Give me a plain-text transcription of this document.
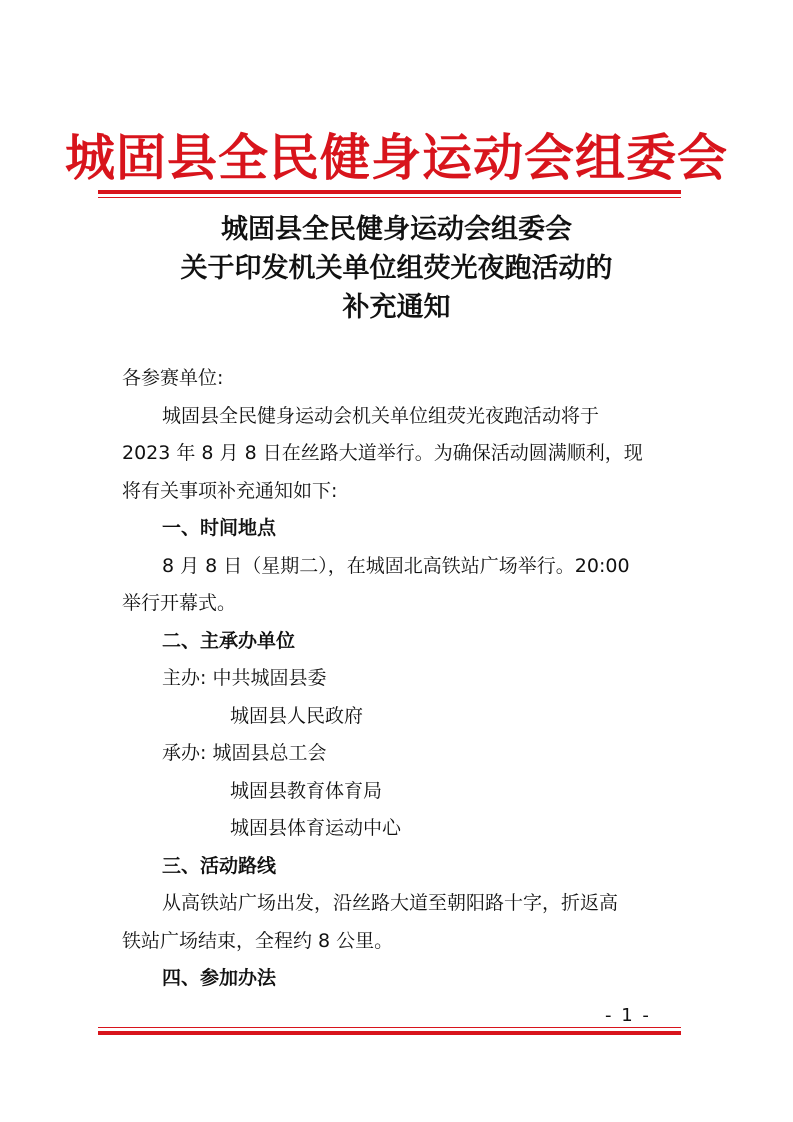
城固县全民健身运动会组委会
城固县全民健身运动会组委会
关于印发机关单位组荧光夜跑活动的
补充通知
各参赛单位:
城固县全民健身运动会机关单位组荧光夜跑活动将于
2023 年 8 月 8 日在丝路大道举行。为确保活动圆满顺利，现
将有关事项补充通知如下:
一、时间地点
8 月 8 日（星期二），在城固北高铁站广场举行。20:00
举行开幕式。
二、主承办单位
主办: 中共城固县委
城固县人民政府
承办: 城固县总工会
城固县教育体育局
城固县体育运动中心
三、活动路线
从高铁站广场出发，沿丝路大道至朝阳路十字，折返高
铁站广场结束，全程约 8 公里。
四、参加办法
- 1 -
